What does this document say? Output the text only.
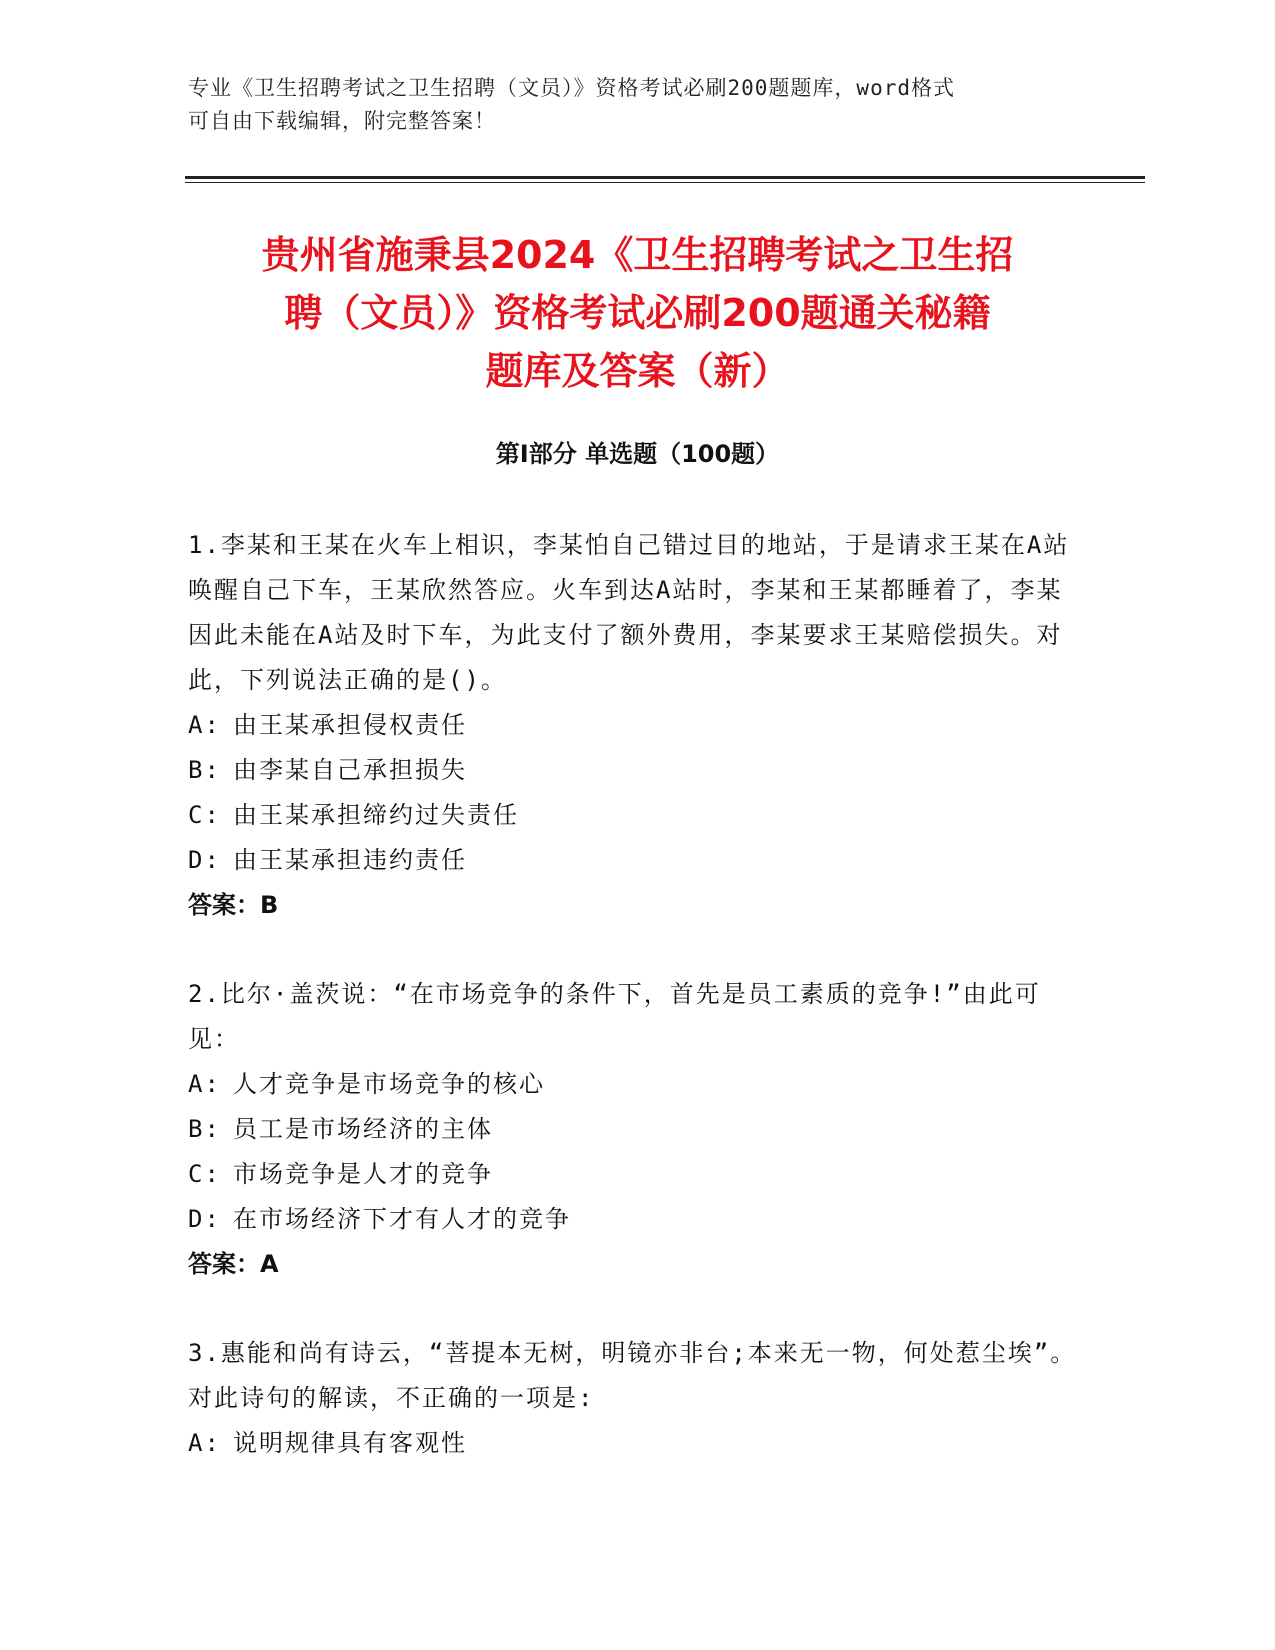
专业《卫生招聘考试之卫生招聘（文员）》资格考试必刷200题题库，word格式
可自由下载编辑，附完整答案！
贵州省施秉县2024《卫生招聘考试之卫生招
聘（文员）》资格考试必刷200题通关秘籍
题库及答案（新）
第Ⅰ部分 单选题（100题）
1.李某和王某在火车上相识，李某怕自己错过目的地站，于是请求王某在A站唤醒自己下车，王某欣然答应。火车到达A站时，李某和王某都睡着了，李某因此未能在A站及时下车，为此支付了额外费用，李某要求王某赔偿损失。对此，下列说法正确的是()。
A: 由王某承担侵权责任
B: 由李某自己承担损失
C: 由王某承担缔约过失责任
D: 由王某承担违约责任
答案：B
2.比尔·盖茨说：“在市场竞争的条件下，首先是员工素质的竞争!”由此可见：
A: 人才竞争是市场竞争的核心
B: 员工是市场经济的主体
C: 市场竞争是人才的竞争
D: 在市场经济下才有人才的竞争
答案：A
3.惠能和尚有诗云，“菩提本无树，明镜亦非台;本来无一物，何处惹尘埃”。对此诗句的解读，不正确的一项是:
A: 说明规律具有客观性
